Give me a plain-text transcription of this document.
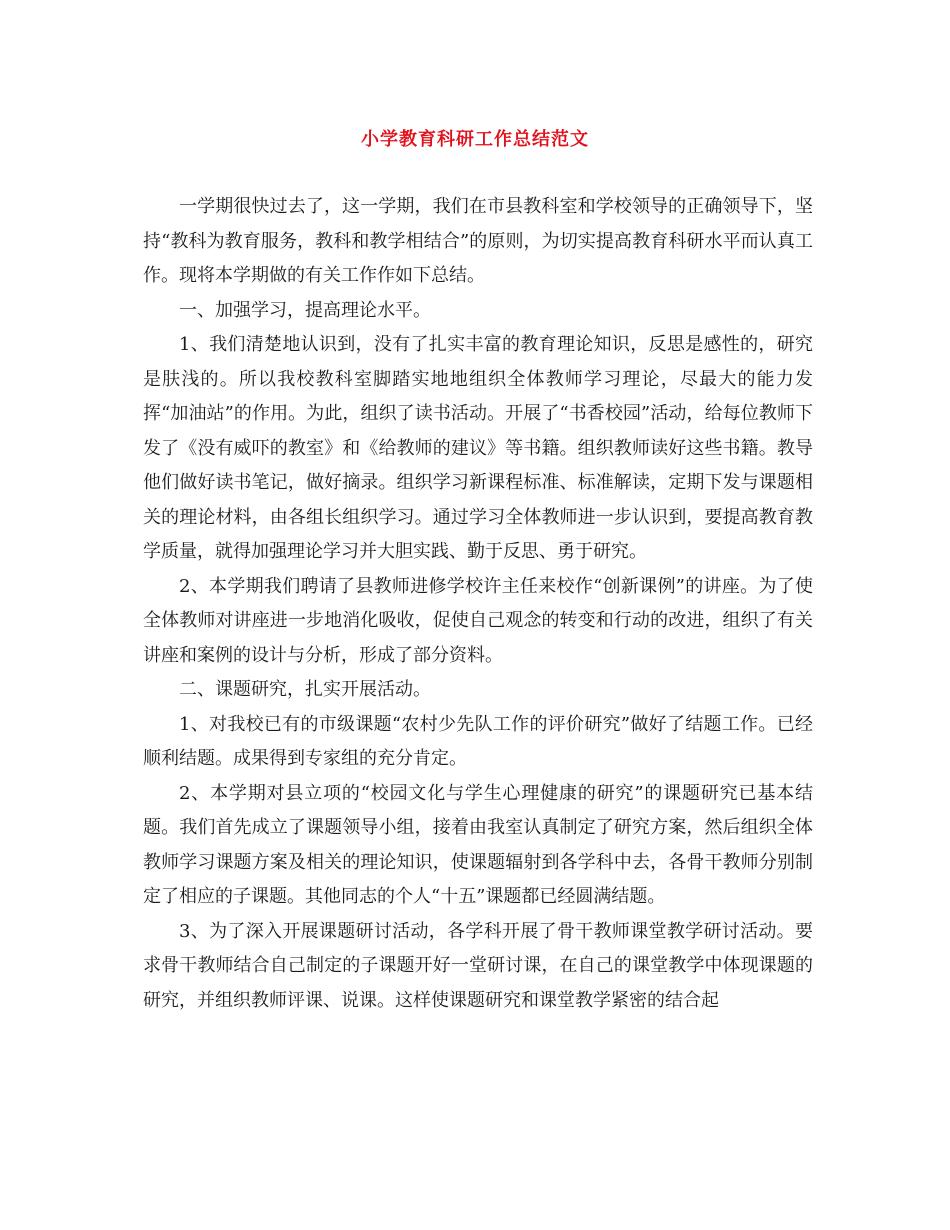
小学教育科研工作总结范文

一学期很快过去了，这一学期，我们在市县教科室和学校领导的正确领导下，坚持“教科为教育服务，教科和教学相结合”的原则，为切实提高教育科研水平而认真工作。现将本学期做的有关工作作如下总结。

一、加强学习，提高理论水平。

1、我们清楚地认识到，没有了扎实丰富的教育理论知识，反思是感性的，研究是肤浅的。所以我校教科室脚踏实地地组织全体教师学习理论，尽最大的能力发挥“加油站”的作用。为此，组织了读书活动。开展了“书香校园”活动，给每位教师下发了《没有威吓的教室》和《给教师的建议》等书籍。组织教师读好这些书籍。教导他们做好读书笔记，做好摘录。组织学习新课程标准、标准解读，定期下发与课题相关的理论材料，由各组长组织学习。通过学习全体教师进一步认识到，要提高教育教学质量，就得加强理论学习并大胆实践、勤于反思、勇于研究。

2、本学期我们聘请了县教师进修学校许主任来校作“创新课例”的讲座。为了使全体教师对讲座进一步地消化吸收，促使自己观念的转变和行动的改进，组织了有关讲座和案例的设计与分析，形成了部分资料。

二、课题研究，扎实开展活动。

1、对我校已有的市级课题“农村少先队工作的评价研究”做好了结题工作。已经顺利结题。成果得到专家组的充分肯定。

2、本学期对县立项的“校园文化与学生心理健康的研究”的课题研究已基本结题。我们首先成立了课题领导小组，接着由我室认真制定了研究方案，然后组织全体教师学习课题方案及相关的理论知识，使课题辐射到各学科中去，各骨干教师分别制定了相应的子课题。其他同志的个人“十五”课题都已经圆满结题。

3、为了深入开展课题研讨活动，各学科开展了骨干教师课堂教学研讨活动。要求骨干教师结合自己制定的子课题开好一堂研讨课，在自己的课堂教学中体现课题的研究，并组织教师评课、说课。这样使课题研究和课堂教学紧密的结合起
